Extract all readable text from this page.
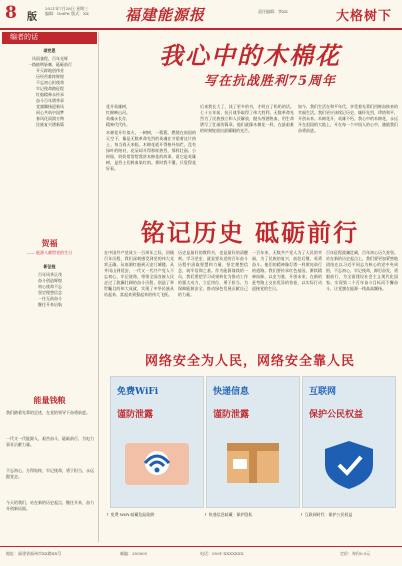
8 版
2021年7月28日 星期三
编辑：GetFit 版式：XX	福建能源报	责任编辑：李XX	大格树下
编者的话
颂党恩
风雨兼程，百年光辉
一路披荆斩棘，砥砺前行
开天辟地创伟业
历经苦难终辉煌
不忘初心担使命
牢记使命踏征程
红船精神永传承
奋斗百年谱华章
党旗飘扬迎新风
同心共筑中国梦
春风化雨润万物
民族复兴谱新篇
贺福
—— 能源人献给党的生日
新征程
百年风华正茂
奋斗创造辉煌
初心使命不忘
坚定理想信念
一往无前奋斗
继往开来启航
能量钱粮
我们踏着先辈的足迹，在党的领导下奋勇前进。
一代又一代能源人，艰苦奋斗，砥砺前行，为电力事业贡献力量。
不忘初心，方得始终，牢记使命，勇于担当，永远跟党走。
今天的我们，站在新的历史起点，继往开来，奋力开创新局面。
我心中的木棉花
写在抗战胜利75周年
花开英雄树，
红棉映山河。
英魂永长存，
精神代代传。
木棉花开红似火，一树树，一簇簇，燃烧在南国的天空下，像是无数革命先烈的英魂在守望着这片热土。每当春天来临，木棉花就开得格外灿烂，没有绿叶的陪衬，花朵却开得那样热烈，那样壮丽。小时候，奶奶常常给我讲木棉花的故事，说它是英雄树，是烈士们鲜血染红的。那时我不懂，只觉得花好看。
后来我长大了，读了更多的书，才明白了奶奶的话。七十五年前，抗日战争取得了伟大胜利，无数革命先烈为了民族独立和人民解放，抛头颅洒热血，用生命谱写了壮丽的篇章。他们就像木棉花一样，在最艰难的时刻绽放出最耀眼的光芒。
如今，我们生活在和平年代，享受着先辈们用鲜血换来的幸福生活。我们更应该铭记历史，缅怀先烈，珍惜和平，开创未来。木棉花开，英雄不朽，我心中的木棉花，永远开在祖国的大地上，开在每一个中国人的心中，激励我们奋勇前进。
铭记历史 砥砺前行
在中国共产党成立一百周年之际，回顾百年历程，我们深刻感受到党的伟大光荣正确。从南湖红船到天安门城楼，从井冈山到延安，一代又一代共产党人不忘初心，牢记使命，带领全国各族人民走过了波澜壮阔的奋斗历程，创造了举世瞩目的伟大成就，实现了中华民族从站起来、富起来到强起来的伟大飞跃。
历史是最好的教科书，也是最好的清醒剂。学习党史，就是要从党的百年奋斗历程中汲取智慧和力量，坚定理想信念，筑牢信仰之基。作为能源战线的一员，我们要把学习成果转化为推动工作的强大动力，立足岗位，勇于担当，为保障能源安全、推动绿色发展贡献自己的力量。
一百年来，无数共产党人为了人民的幸福，为了民族的复兴，前赴后继，英勇奋斗。他们的精神像灯塔一样照亮前行的道路。我们要传承红色基因，赓续精神血脉，以史为鉴，开创未来，在新的赶考路上交出优异的答卷，以实际行动迎接党的生日。
百年征程波澜壮阔，百年初心历久弥坚。站在新的历史起点上，我们要更加紧密地团结在以习近平同志为核心的党中央周围，不忘初心，牢记使命，踔厉奋发，勇毅前行，为全面建设社会主义现代化国家、实现第二个百年奋斗目标而不懈奋斗，让党旗在能源一线高高飘扬。
网络安全为人民，网络安全靠人民
免费WiFi
谨防泄露
快递信息
谨防泄露
互联网
保护公民权益
↑ 免费 WiFi 暗藏危险陷阱	↑ 快递信息暗藏 · 保护隐私	↑ 互联网时代 · 保护公民权益
地址：福建省福州市XX路XX号	邮编：350001	电话：0591-XXXXXXX	定价：每份0.5元
